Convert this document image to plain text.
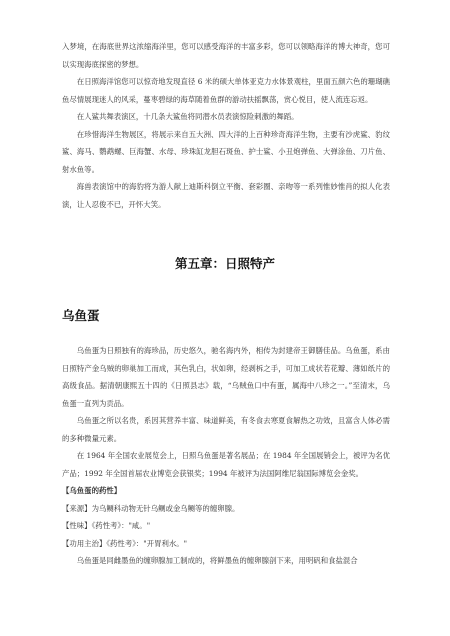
入梦境，在海底世界这浓缩海洋里，您可以感受海洋的丰富多彩，您可以领略海洋的博大神奇，您可以实现海底探密的梦想。

在日照海洋馆您可以惊奇地发现直径 6 米的硕大单体亚克力水体景观柱，里面五颜六色的珊瑚礁鱼尽情展现迷人的风采，蔓枣碧绿的海草随着鱼群的游动扶摇飘荡，赏心悦目，使人流连忘返。

在人鲨共舞表演区，十几条大鲨鱼将同潜水员表演惊险刺激的舞蹈。

在珍惜海洋生物展区，将展示来自五大洲、四大洋的上百种珍奇海洋生物，主要有沙虎鲨、豹纹鲨、海马、鹦鹉螺、巨海蟹、水母、珍珠缸龙胆石斑鱼、护士鲨、小丑炮弹鱼、大弹涂鱼、刀片鱼、射水鱼等。

海兽表演馆中的海豹将为游人献上迪斯科倒立平衡、套彩圈、亲吻等一系列惟妙惟肖的拟人化表演，让人忍俊不已，开怀大笑。

第五章：日照特产
乌鱼蛋

乌鱼蛋为日照独有的海珍品，历史悠久，驰名海内外，相传为封建帝王御膳佳品。乌鱼蛋，系由日照特产金乌贼的卵巢加工而成，其色乳白，状如卵，经剥柝之手，可加工成状若花瓣、薄如纸片的高级食品。据清朝康熙五十四的《日照县志》载，“乌贼鱼口中有蛋，属海中八珍之一。”至清末，乌鱼蛋一直列为贡品。

乌鱼蛋之所以名贵，系因其营养丰富、味道鲜美，有冬食去寒夏食解热之功效，且富含人体必需的多种微量元素。

在 1964 年全国农业展览会上，日照乌鱼蛋是著名展品；在 1984 年全国展销会上，被评为名优产品；1992 年全国首届农业博览会获银奖；1994 年被评为法国阿维尼翁国际博览会金奖。

【乌鱼蛋的药性】

【来源】为乌鲗科动物无针乌鲗或金乌鲗等的缠卵腺。

【性味】《药性考》："咸。"

【功用主治】《药性考》："开胃利水。"

乌鱼蛋是同雌墨鱼的缠卵腺加工制成的，将鲜墨鱼的缠卵腺剖下来，用明矾和食盐混合
